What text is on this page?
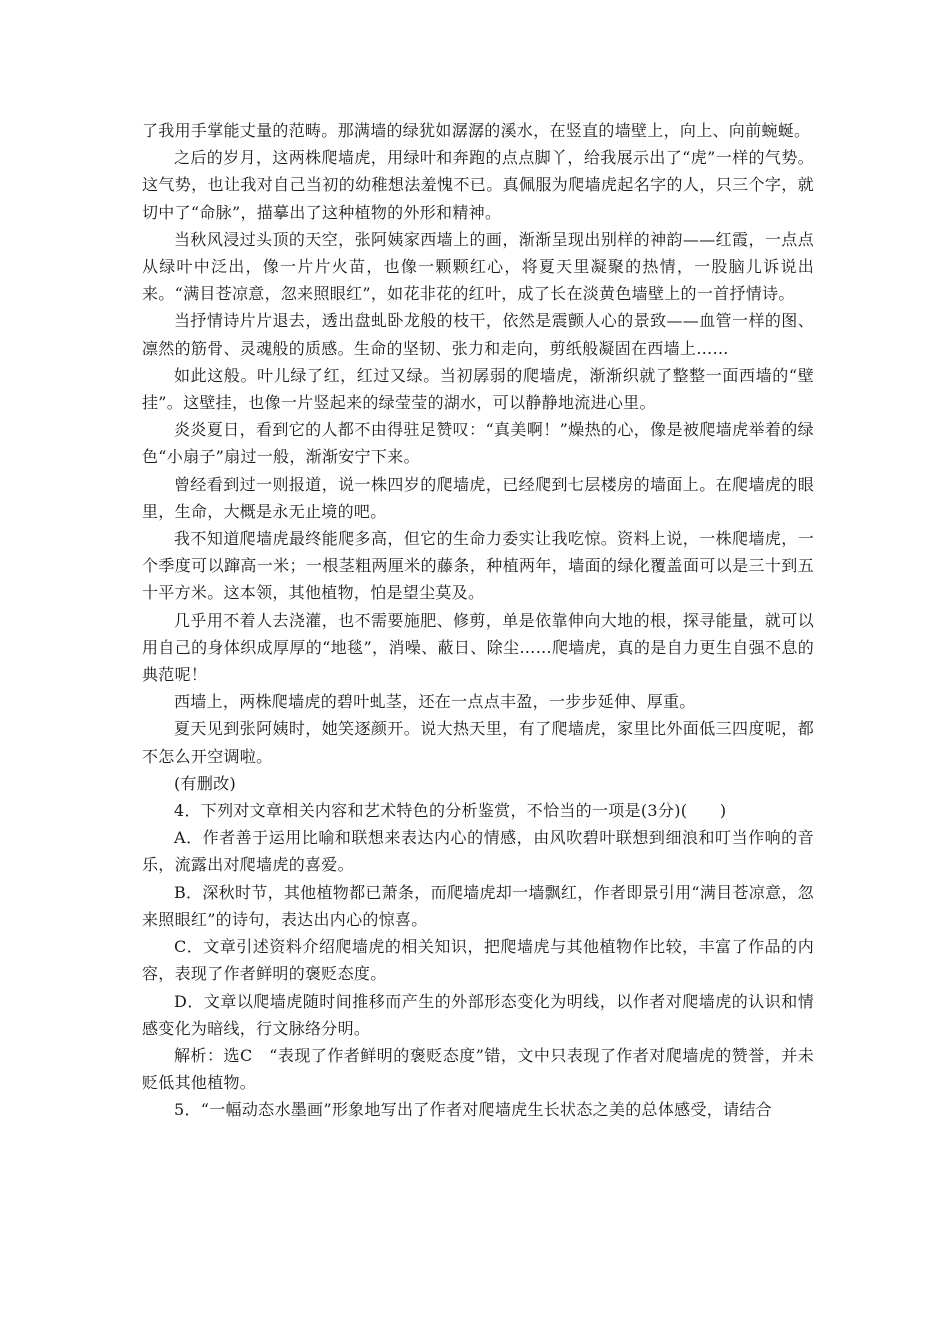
了我用手掌能丈量的范畴。那满墙的绿犹如潺潺的溪水，在竖直的墙壁上，向上、向前蜿蜒。

之后的岁月，这两株爬墙虎，用绿叶和奔跑的点点脚丫，给我展示出了“虎”一样的气势。这气势，也让我对自己当初的幼稚想法羞愧不已。真佩服为爬墙虎起名字的人，只三个字，就切中了“命脉”，描摹出了这种植物的外形和精神。

当秋风浸过头顶的天空，张阿姨家西墙上的画，渐渐呈现出别样的神韵——红霞，一点点从绿叶中泛出，像一片片火苗，也像一颗颗红心，将夏天里凝聚的热情，一股脑儿诉说出来。“满目苍凉意，忽来照眼红”，如花非花的红叶，成了长在淡黄色墙壁上的一首抒情诗。

当抒情诗片片退去，透出盘虬卧龙般的枝干，依然是震颤人心的景致——血管一样的图、凛然的筋骨、灵魂般的质感。生命的坚韧、张力和走向，剪纸般凝固在西墙上……

如此这般。叶儿绿了红，红过又绿。当初孱弱的爬墙虎，渐渐织就了整整一面西墙的“壁挂”。这壁挂，也像一片竖起来的绿莹莹的湖水，可以静静地流进心里。

炎炎夏日，看到它的人都不由得驻足赞叹：“真美啊！”燥热的心，像是被爬墙虎举着的绿色“小扇子”扇过一般，渐渐安宁下来。

曾经看到过一则报道，说一株四岁的爬墙虎，已经爬到七层楼房的墙面上。在爬墙虎的眼里，生命，大概是永无止境的吧。

我不知道爬墙虎最终能爬多高，但它的生命力委实让我吃惊。资料上说，一株爬墙虎，一个季度可以蹿高一米；一根茎粗两厘米的藤条，种植两年，墙面的绿化覆盖面可以是三十到五十平方米。这本领，其他植物，怕是望尘莫及。

几乎用不着人去浇灌，也不需要施肥、修剪，单是依靠伸向大地的根，探寻能量，就可以用自己的身体织成厚厚的“地毯”，消噪、蔽日、除尘……爬墙虎，真的是自力更生自强不息的典范呢！

西墙上，两株爬墙虎的碧叶虬茎，还在一点点丰盈，一步步延伸、厚重。

夏天见到张阿姨时，她笑逐颜开。说大热天里，有了爬墙虎，家里比外面低三四度呢，都不怎么开空调啦。

(有删改)

4．下列对文章相关内容和艺术特色的分析鉴赏，不恰当的一项是(3分)(　　)

A．作者善于运用比喻和联想来表达内心的情感，由风吹碧叶联想到细浪和叮当作响的音乐，流露出对爬墙虎的喜爱。

B．深秋时节，其他植物都已萧条，而爬墙虎却一墙飘红，作者即景引用“满目苍凉意，忽来照眼红”的诗句，表达出内心的惊喜。

C．文章引述资料介绍爬墙虎的相关知识，把爬墙虎与其他植物作比较，丰富了作品的内容，表现了作者鲜明的褒贬态度。

D．文章以爬墙虎随时间推移而产生的外部形态变化为明线，以作者对爬墙虎的认识和情感变化为暗线，行文脉络分明。

解析：选C　“表现了作者鲜明的褒贬态度”错，文中只表现了作者对爬墙虎的赞誉，并未贬低其他植物。

5．“一幅动态水墨画”形象地写出了作者对爬墙虎生长状态之美的总体感受，请结合
